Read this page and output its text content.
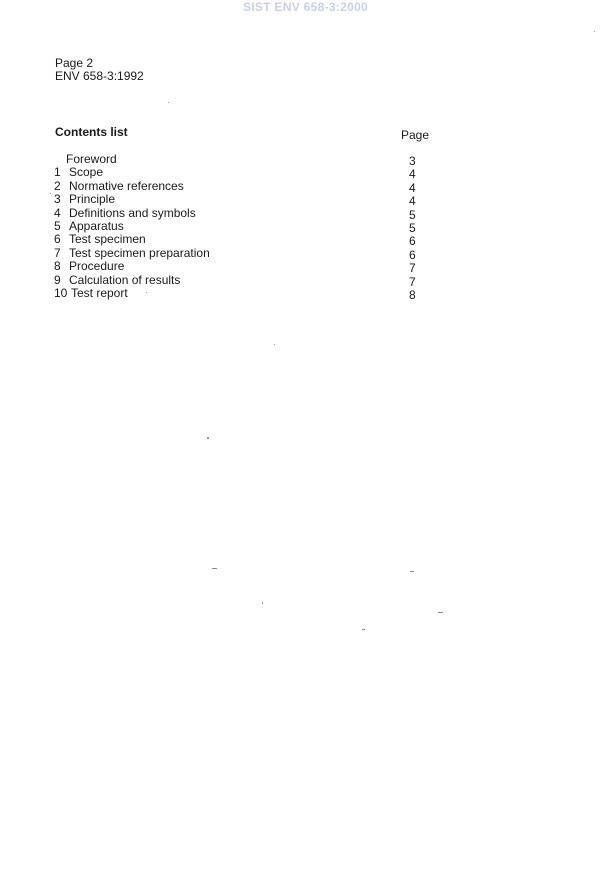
SIST ENV 658-3:2000
Page 2
ENV 658-3:1992
Contents list	Page
Foreword	3
1 Scope	4
2 Normative references	4
3 Principle	4
4 Definitions and symbols	5
5 Apparatus	5
6 Test specimen	6
7 Test specimen preparation	6
8 Procedure	7
9 Calculation of results	7
10 Test report	8
